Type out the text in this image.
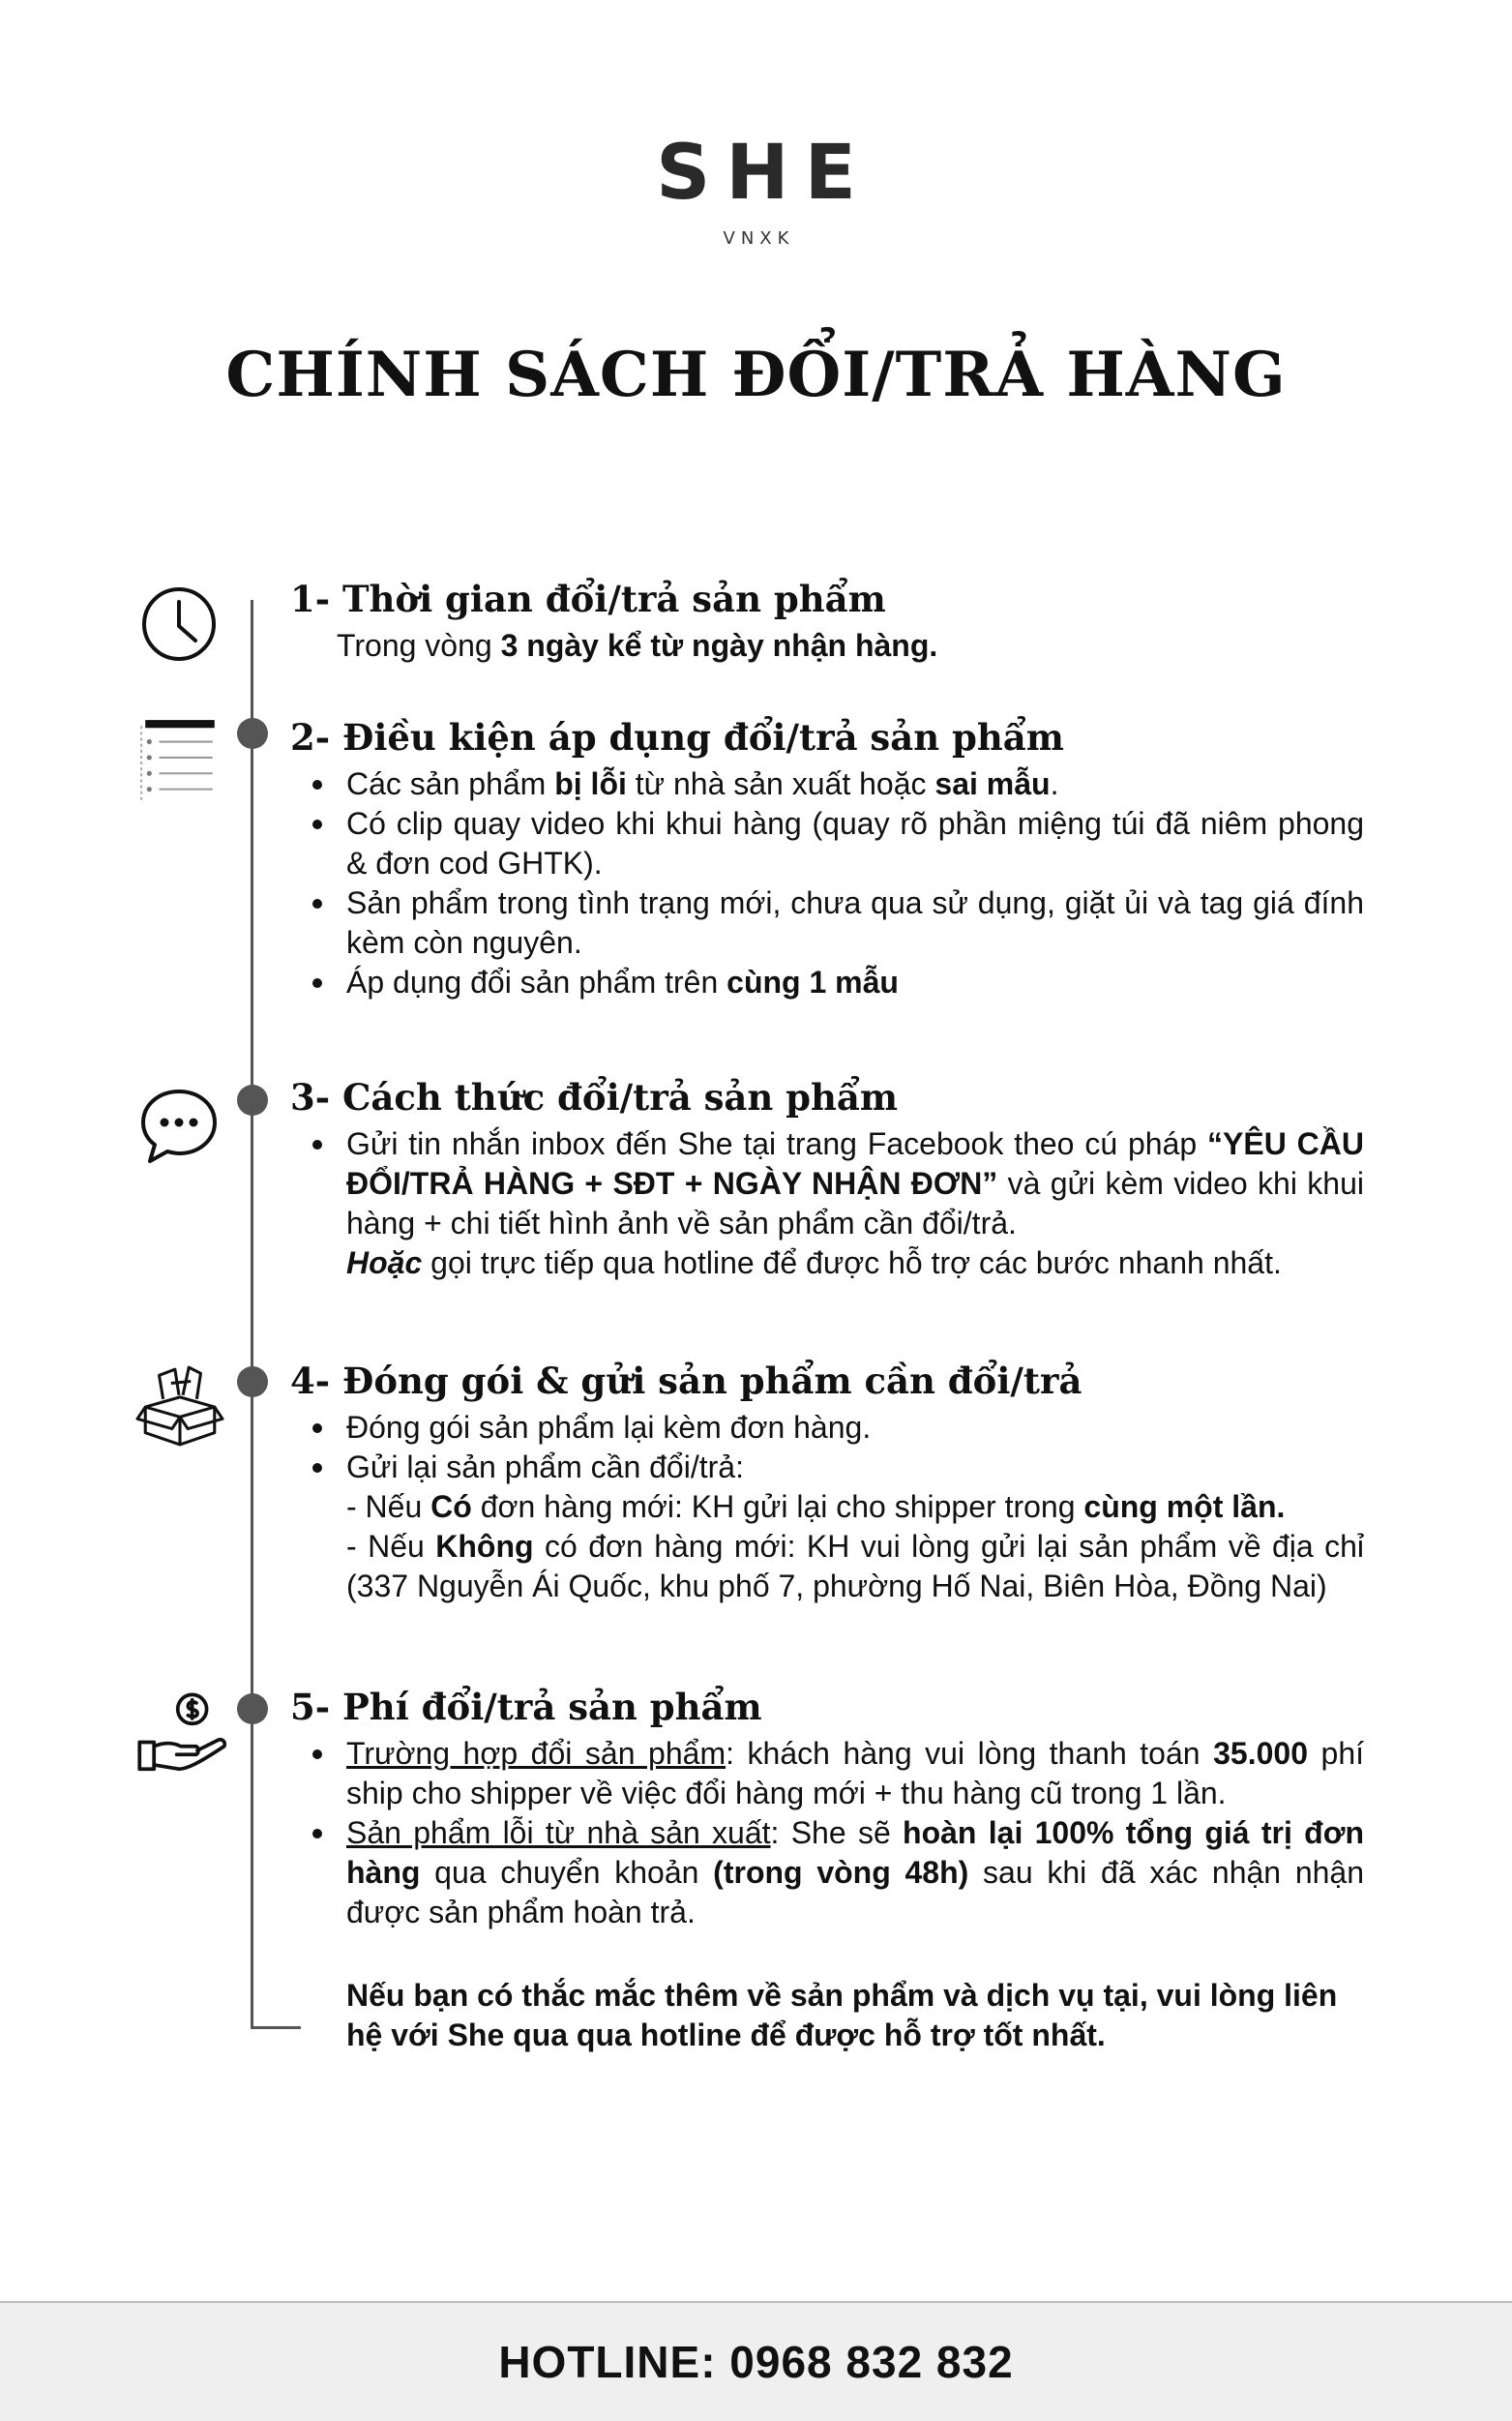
SHE
VNXK
CHÍNH SÁCH ĐỔI/TRẢ HÀNG
1- Thời gian đổi/trả sản phẩm
Trong vòng 3 ngày kể từ ngày nhận hàng.
2- Điều kiện áp dụng đổi/trả sản phẩm
Các sản phẩm bị lỗi từ nhà sản xuất hoặc sai mẫu.
Có clip quay video khi khui hàng (quay rõ phần miệng túi đã niêm phong & đơn cod GHTK).
Sản phẩm trong tình trạng mới, chưa qua sử dụng, giặt ủi và tag giá đính kèm còn nguyên.
Áp dụng đổi sản phẩm trên cùng 1 mẫu
3- Cách thức đổi/trả sản phẩm
Gửi tin nhắn inbox đến She tại trang Facebook theo cú pháp “YÊU CẦU ĐỔI/TRẢ HÀNG + SĐT + NGÀY NHẬN ĐƠN” và gửi kèm video khi khui hàng + chi tiết hình ảnh về sản phẩm cần đổi/trả.
Hoặc gọi trực tiếp qua hotline để được hỗ trợ các bước nhanh nhất.
4- Đóng gói & gửi sản phẩm cần đổi/trả
Đóng gói sản phẩm lại kèm đơn hàng.
Gửi lại sản phẩm cần đổi/trả:
- Nếu Có đơn hàng mới: KH gửi lại cho shipper trong cùng một lần.
- Nếu Không có đơn hàng mới: KH vui lòng gửi lại sản phẩm về địa chỉ (337 Nguyễn Ái Quốc, khu phố 7, phường Hố Nai, Biên Hòa, Đồng Nai)
5- Phí đổi/trả sản phẩm
Trường hợp đổi sản phẩm: khách hàng vui lòng thanh toán 35.000 phí ship cho shipper về việc đổi hàng mới + thu hàng cũ trong 1 lần.
Sản phẩm lỗi từ nhà sản xuất: She sẽ hoàn lại 100% tổng giá trị đơn hàng qua chuyển khoản (trong vòng 48h) sau khi đã xác nhận nhận được sản phẩm hoàn trả.
Nếu bạn có thắc mắc thêm về sản phẩm và dịch vụ tại, vui lòng liên hệ với She qua qua hotline để được hỗ trợ tốt nhất.
HOTLINE: 0968 832 832
